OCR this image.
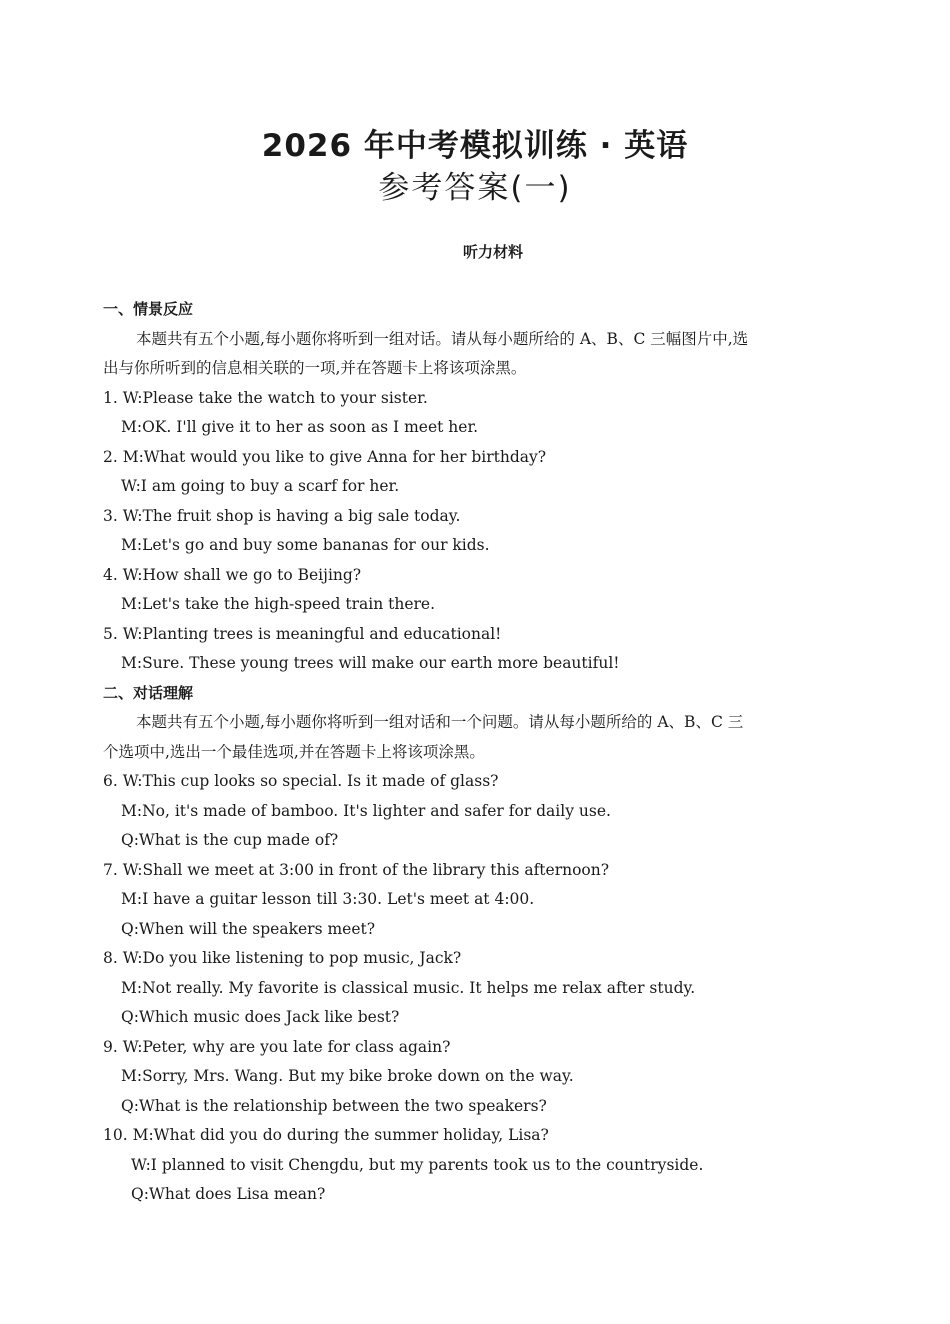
2026 年中考模拟训练 · 英语
参考答案(一)
听力材料
一、情景反应
本题共有五个小题,每小题你将听到一组对话。请从每小题所给的 A、B、C 三幅图片中,选
出与你所听到的信息相关联的一项,并在答题卡上将该项涂黑。
1. W:Please take the watch to your sister.
M:OK. I'll give it to her as soon as I meet her.
2. M:What would you like to give Anna for her birthday?
W:I am going to buy a scarf for her.
3. W:The fruit shop is having a big sale today.
M:Let's go and buy some bananas for our kids.
4. W:How shall we go to Beijing?
M:Let's take the high-speed train there.
5. W:Planting trees is meaningful and educational!
M:Sure. These young trees will make our earth more beautiful!
二、对话理解
本题共有五个小题,每小题你将听到一组对话和一个问题。请从每小题所给的 A、B、C 三
个选项中,选出一个最佳选项,并在答题卡上将该项涂黑。
6. W:This cup looks so special. Is it made of glass?
M:No, it's made of bamboo. It's lighter and safer for daily use.
Q:What is the cup made of?
7. W:Shall we meet at 3:00 in front of the library this afternoon?
M:I have a guitar lesson till 3:30. Let's meet at 4:00.
Q:When will the speakers meet?
8. W:Do you like listening to pop music, Jack?
M:Not really. My favorite is classical music. It helps me relax after study.
Q:Which music does Jack like best?
9. W:Peter, why are you late for class again?
M:Sorry, Mrs. Wang. But my bike broke down on the way.
Q:What is the relationship between the two speakers?
10. M:What did you do during the summer holiday, Lisa?
W:I planned to visit Chengdu, but my parents took us to the countryside.
Q:What does Lisa mean?
